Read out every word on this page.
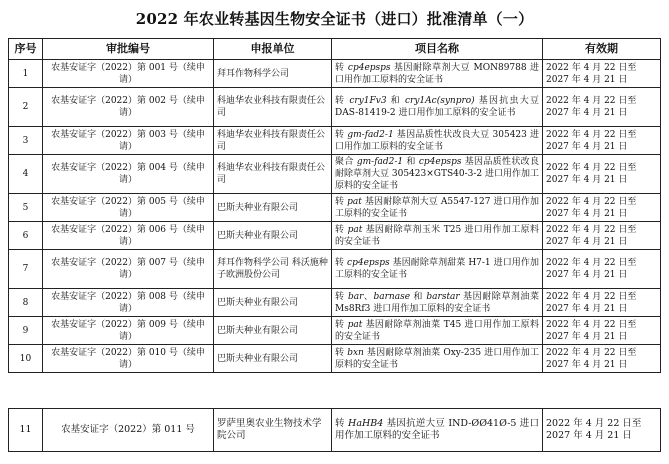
2022 年农业转基因生物安全证书（进口）批准清单（一）
序号	审批编号	申报单位	项目名称	有效期
1	农基安证字（2022）第 001 号（续申请）	拜耳作物科学公司	转 cp4epsps 基因耐除草剂大豆 MON89788 进口用作加工原料的安全证书	2022 年 4 月 22 日至 2027 年 4 月 21 日
2	农基安证字（2022）第 002 号（续申请）	科迪华农业科技有限责任公司	转 cry1Fv3 和 cry1Ac(synpro) 基因抗虫大豆 DAS-81419-2 进口用作加工原料的安全证书	2022 年 4 月 22 日至 2027 年 4 月 21 日
3	农基安证字（2022）第 003 号（续申请）	科迪华农业科技有限责任公司	转 gm-fad2-1 基因品质性状改良大豆 305423 进口用作加工原料的安全证书	2022 年 4 月 22 日至 2027 年 4 月 21 日
4	农基安证字（2022）第 004 号（续申请）	科迪华农业科技有限责任公司	聚合 gm-fad2-1 和 cp4epsps 基因品质性状改良耐除草剂大豆 305423×GTS40-3-2 进口用作加工原料的安全证书	2022 年 4 月 22 日至 2027 年 4 月 21 日
5	农基安证字（2022）第 005 号（续申请）	巴斯夫种业有限公司	转 pat 基因耐除草剂大豆 A5547-127 进口用作加工原料的安全证书	2022 年 4 月 22 日至 2027 年 4 月 21 日
6	农基安证字（2022）第 006 号（续申请）	巴斯夫种业有限公司	转 pat 基因耐除草剂玉米 T25 进口用作加工原料的安全证书	2022 年 4 月 22 日至 2027 年 4 月 21 日
7	农基安证字（2022）第 007 号（续申请）	拜耳作物科学公司 科沃施种子欧洲股份公司	转 cp4epsps 基因耐除草剂甜菜 H7-1 进口用作加工原料的安全证书	2022 年 4 月 22 日至 2027 年 4 月 21 日
8	农基安证字（2022）第 008 号（续申请）	巴斯夫种业有限公司	转 bar、barnase 和 barstar 基因耐除草剂油菜 Ms8Rf3 进口用作加工原料的安全证书	2022 年 4 月 22 日至 2027 年 4 月 21 日
9	农基安证字（2022）第 009 号（续申请）	巴斯夫种业有限公司	转 pat 基因耐除草剂油菜 T45 进口用作加工原料的安全证书	2022 年 4 月 22 日至 2027 年 4 月 21 日
10	农基安证字（2022）第 010 号（续申请）	巴斯夫种业有限公司	转 bxn 基因耐除草剂油菜 Oxy-235 进口用作加工原料的安全证书	2022 年 4 月 22 日至 2027 年 4 月 21 日
11	农基安证字（2022）第 011 号	罗萨里奥农业生物技术学院公司	转 HaHB4 基因抗逆大豆 IND-ØØ41Ø-5 进口用作加工原料的安全证书	2022 年 4 月 22 日至 2027 年 4 月 21 日
